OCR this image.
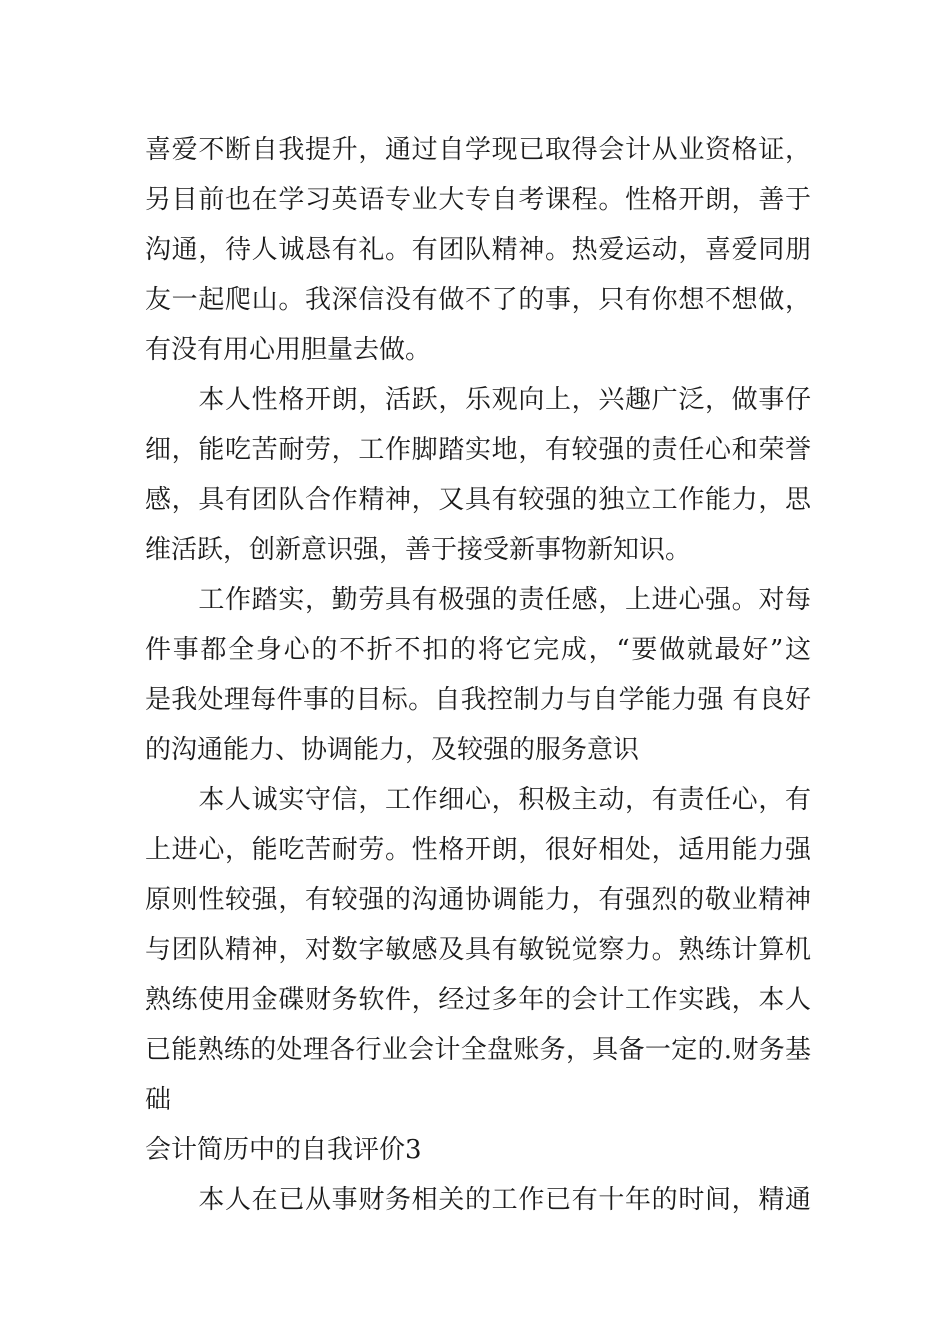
喜爱不断自我提升，通过自学现已取得会计从业资格证，
另目前也在学习英语专业大专自考课程。性格开朗，善于
沟通，待人诚恳有礼。有团队精神。热爱运动，喜爱同朋
友一起爬山。我深信没有做不了的事，只有你想不想做，
有没有用心用胆量去做。
　　本人性格开朗，活跃，乐观向上，兴趣广泛，做事仔
细，能吃苦耐劳，工作脚踏实地，有较强的责任心和荣誉
感，具有团队合作精神，又具有较强的独立工作能力，思
维活跃，创新意识强，善于接受新事物新知识。
　　工作踏实，勤劳具有极强的责任感，上进心强。对每
件事都全身心的不折不扣的将它完成，“要做就最好”这
是我处理每件事的目标。自我控制力与自学能力强 有良好
的沟通能力、协调能力，及较强的服务意识
　　本人诚实守信，工作细心，积极主动，有责任心，有
上进心，能吃苦耐劳。性格开朗，很好相处，适用能力强
原则性较强，有较强的沟通协调能力，有强烈的敬业精神
与团队精神，对数字敏感及具有敏锐觉察力。熟练计算机
熟练使用金碟财务软件，经过多年的会计工作实践，本人
已能熟练的处理各行业会计全盘账务，具备一定的.财务基
础
会计简历中的自我评价3
　　本人在已从事财务相关的工作已有十年的时间，精通
